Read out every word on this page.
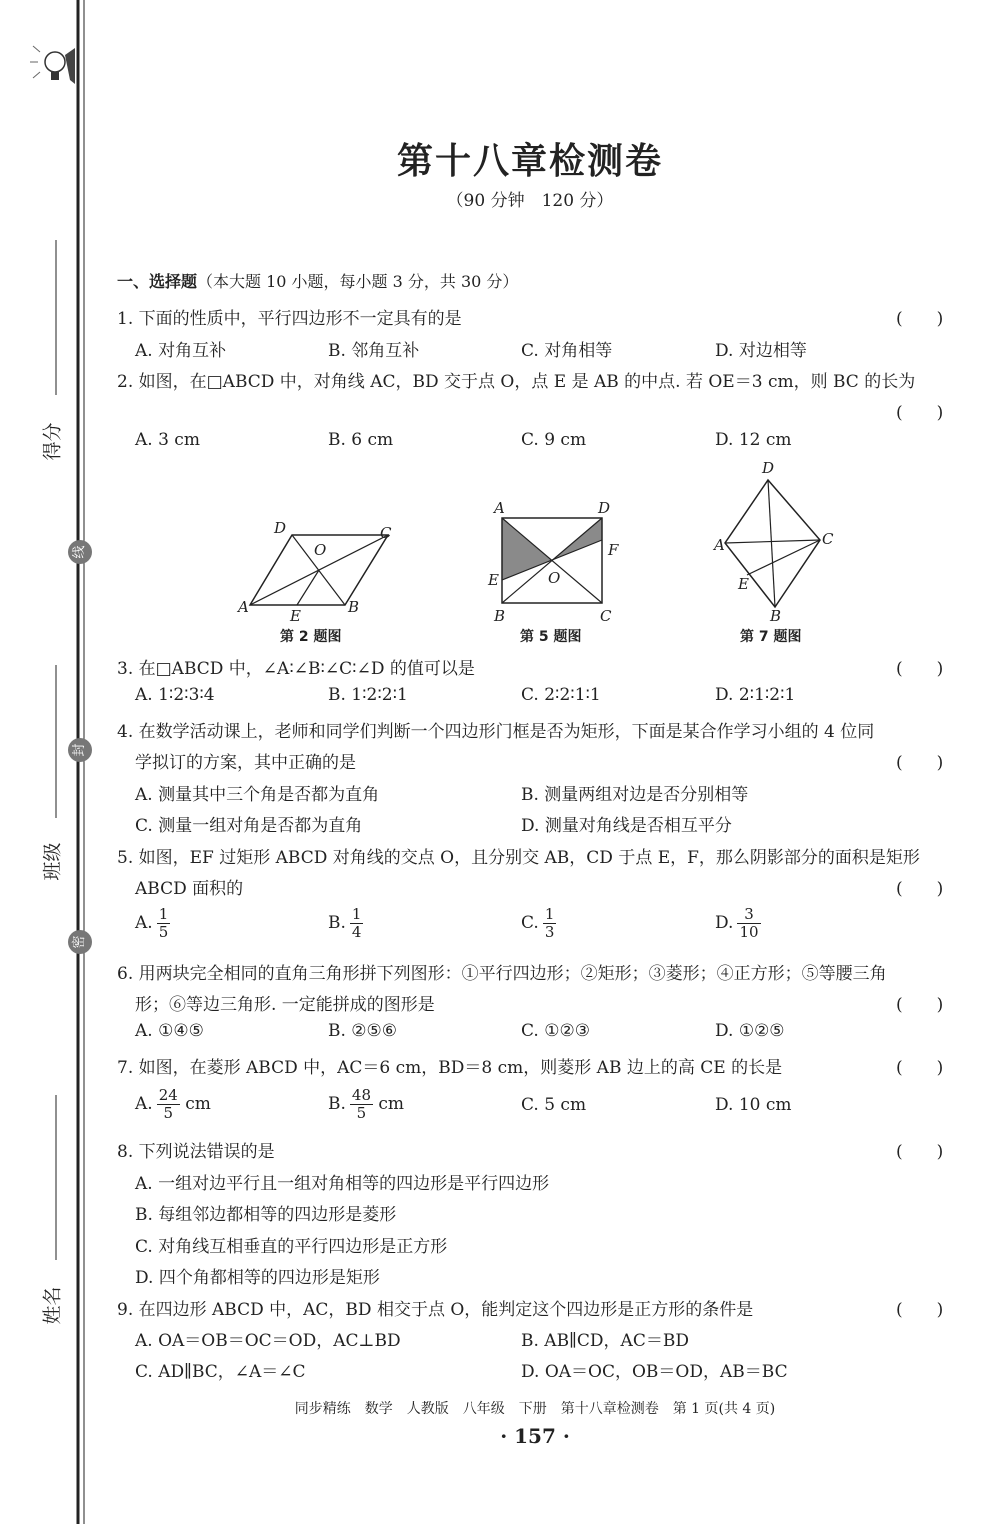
得分
班级
姓名
线
封
密
第十八章检测卷
（90 分钟　120 分）
一、选择题（本大题 10 小题，每小题 3 分，共 30 分）
1. 下面的性质中，平行四边形不一定具有的是	(　　)
A. 对角互补	B. 邻角互补	C. 对角相等	D. 对边相等
2. 如图，在□ABCD 中，对角线 AC，BD 交于点 O，点 E 是 AB 的中点. 若 OE＝3 cm，则 BC 的长为
(　　)
A. 3 cm	B. 6 cm	C. 9 cm	D. 12 cm
A	B
C
D
O
E
A	D
B	C
F
E	O
D
A	C
E
B
第 2 题图	第 5 题图	第 7 题图
3. 在□ABCD 中，∠A∶∠B∶∠C∶∠D 的值可以是	(　　)
A. 1∶2∶3∶4	B. 1∶2∶2∶1	C. 2∶2∶1∶1	D. 2∶1∶2∶1
4. 在数学活动课上，老师和同学们判断一个四边形门框是否为矩形，下面是某合作学习小组的 4 位同
学拟订的方案，其中正确的是	(　　)
A. 测量其中三个角是否都为直角	B. 测量两组对边是否分别相等
C. 测量一组对角是否都为直角	D. 测量对角线是否相互平分
5. 如图，EF 过矩形 ABCD 对角线的交点 O，且分别交 AB，CD 于点 E，F，那么阴影部分的面积是矩形
ABCD 面积的	(　　)
A. $\frac{1}{5}$	B. $\frac{1}{4}$	C. $\frac{1}{3}$	D. $\frac{3}{10}$
6. 用两块完全相同的直角三角形拼下列图形：①平行四边形；②矩形；③菱形；④正方形；⑤等腰三角
形；⑥等边三角形. 一定能拼成的图形是	(　　)
A. ①④⑤	B. ②⑤⑥	C. ①②③	D. ①②⑤
7. 如图，在菱形 ABCD 中，AC＝6 cm，BD＝8 cm，则菱形 AB 边上的高 CE 的长是	(　　)
A. $\frac{24}{5}$ cm	B. $\frac{48}{5}$ cm	C. 5 cm	D. 10 cm
8. 下列说法错误的是	(　　)
A. 一组对边平行且一组对角相等的四边形是平行四边形
B. 每组邻边都相等的四边形是菱形
C. 对角线互相垂直的平行四边形是正方形
D. 四个角都相等的四边形是矩形
9. 在四边形 ABCD 中，AC，BD 相交于点 O，能判定这个四边形是正方形的条件是	(　　)
A. OA＝OB＝OC＝OD，AC⊥BD	B. AB∥CD，AC＝BD
C. AD∥BC，∠A＝∠C	D. OA＝OC，OB＝OD，AB＝BC
同步精练　数学　人教版　八年级　下册　第十八章检测卷　第 1 页(共 4 页)
· 157 ·
